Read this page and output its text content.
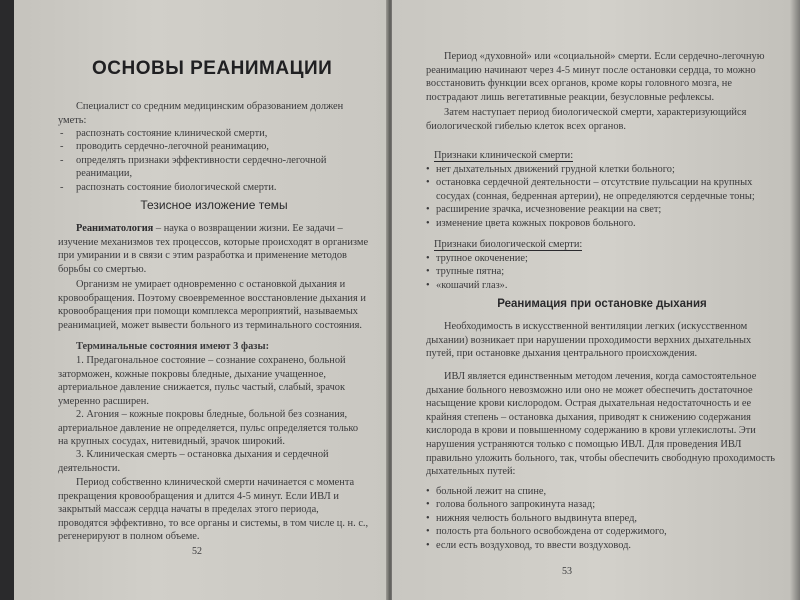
ОСНОВЫ РЕАНИМАЦИИ
Специалист со средним медицинским образованием должен уметь:
- распознать состояние клинической смерти,
- проводить сердечно-легочной реанимацию,
- определять признаки эффективности сердечно-легочной реанимации,
- распознать состояние биологической смерти.
Тезисное изложение темы
Реаниматология – наука о возвращении жизни. Ее задачи – изучение механизмов тех процессов, которые происходят в организме при умирании и в связи с этим разработка и применение методов борьбы со смертью.
Организм не умирает одновременно с остановкой дыхания и кровообращения. Поэтому своевременное восстановление дыхания и кровообращения при помощи комплекса мероприятий, называемых реанимацией, может вывести больного из терминального состояния.
Терминальные состояния имеют 3 фазы:
1. Предагональное состояние – сознание сохранено, больной заторможен, кожные покровы бледные, дыхание учащенное, артериальное давление снижается, пульс частый, слабый, зрачок умеренно расширен.
2. Агония – кожные покровы бледные, больной без сознания, артериальное давление не определяется, пульс определяется только на крупных сосудах, нитевидный, зрачок широкий.
3. Клиническая смерть – остановка дыхания и сердечной деятельности.
Период собственно клинической смерти начинается с момента прекращения кровообращения и длится 4-5 минут. Если ИВЛ и закрытый массаж сердца начаты в пределах этого периода, проводятся эффективно, то все органы и системы, в том числе ц. н. с., регенерируют в полном объеме.
52
Период «духовной» или «социальной» смерти. Если сердечно-легочную реанимацию начинают через 4-5 минут после остановки сердца, то можно восстановить функции всех органов, кроме коры головного мозга, не пострадают лишь вегетативные реакции, безусловные рефлексы.
Затем наступает период биологической смерти, характеризующийся биологической гибелью клеток всех органов.
Признаки клинической смерти:
• нет дыхательных движений грудной клетки больного;
• остановка сердечной деятельности – отсутствие пульсации на крупных сосудах (сонная, бедренная артерии), не определяются сердечные тоны;
• расширение зрачка, исчезновение реакции на свет;
• изменение цвета кожных покровов больного.
Признаки биологической смерти:
• трупное окоченение;
• трупные пятна;
• «кошачий глаз».
Реанимация при остановке дыхания
Необходимость в искусственной вентиляции легких (искусственном дыхании) возникает при нарушении проходимости верхних дыхательных путей, при остановке дыхания центрального происхождения.
ИВЛ является единственным методом лечения, когда самостоятельное дыхание больного невозможно или оно не может обеспечить достаточное насыщение крови кислородом. Острая дыхательная недостаточность и ее крайняя степень – остановка дыхания, приводят к снижению содержания кислорода в крови и повышенному содержанию в крови углекислоты. Эти нарушения устраняются только с помощью ИВЛ. Для проведения ИВЛ правильно уложить больного, так, чтобы обеспечить свободную проходимость дыхательных путей:
• больной лежит на спине,
• голова больного запрокинута назад;
• нижняя челюсть больного выдвинута вперед,
• полость рта больного освобождена от содержимого,
• если есть воздуховод, то ввести воздуховод.
53
